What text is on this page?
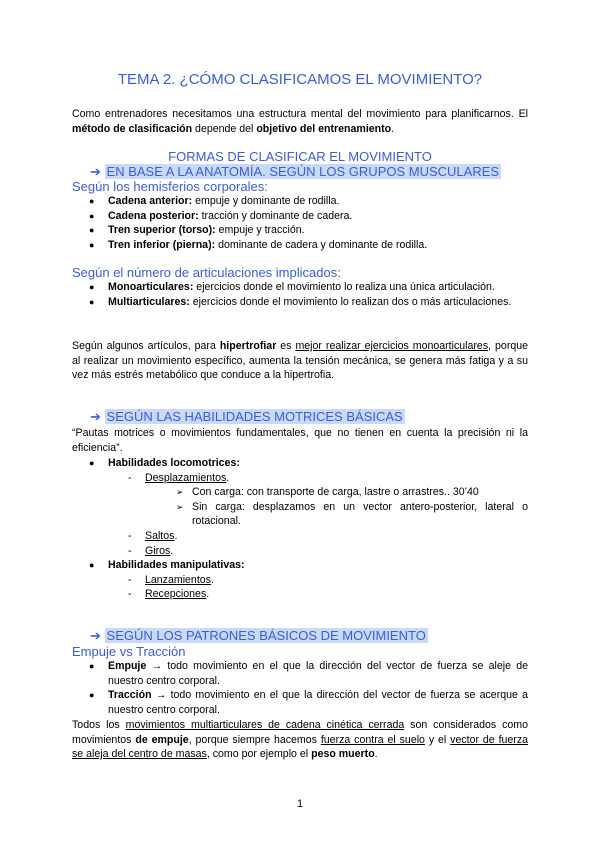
TEMA 2. ¿CÓMO CLASIFICAMOS EL MOVIMIENTO?
Como entrenadores necesitamos una estructura mental del movimiento para planificarnos. El método de clasificación depende del objetivo del entrenamiento.
FORMAS DE CLASIFICAR EL MOVIMIENTO
➔ EN BASE A LA ANATOMÍA. SEGÚN LOS GRUPOS MUSCULARES
Según los hemisferios corporales:
● Cadena anterior: empuje y dominante de rodilla.
● Cadena posterior: tracción y dominante de cadera.
● Tren superior (torso): empuje y tracción.
● Tren inferior (pierna): dominante de cadera y dominante de rodilla.
Según el número de articulaciones implicados:
● Monoarticulares: ejercicios donde el movimiento lo realiza una única articulación.
● Multiarticulares: ejercicios donde el movimiento lo realizan dos o más articulaciones.
Según algunos artículos, para hipertrofiar es mejor realizar ejercicios monoarticulares, porque al realizar un movimiento específico, aumenta la tensión mecánica, se genera más fatiga y a su vez más estrés metabólico que conduce a la hipertrofia.
➔ SEGÚN LAS HABILIDADES MOTRICES BÁSICAS
“Pautas motrices o movimientos fundamentales, que no tienen en cuenta la precisión ni la eficiencia”.
● Habilidades locomotrices:
- Desplazamientos.
➢ Con carga: con transporte de carga, lastre o arrastres.. 30’40
➢ Sin carga: desplazamos en un vector antero-posterior, lateral o rotacional.
- Saltos.
- Giros.
● Habilidades manipulativas:
- Lanzamientos.
- Recepciones.
➔ SEGÚN LOS PATRONES BÁSICOS DE MOVIMIENTO
Empuje vs Tracción
● Empuje → todo movimiento en el que la dirección del vector de fuerza se aleje de nuestro centro corporal.
● Tracción → todo movimiento en el que la dirección del vector de fuerza se acerque a nuestro centro corporal.
Todos los movimientos multiarticulares de cadena cinética cerrada son considerados como movimientos de empuje, porque siempre hacemos fuerza contra el suelo y el vector de fuerza se aleja del centro de masas, como por ejemplo el peso muerto.
1
